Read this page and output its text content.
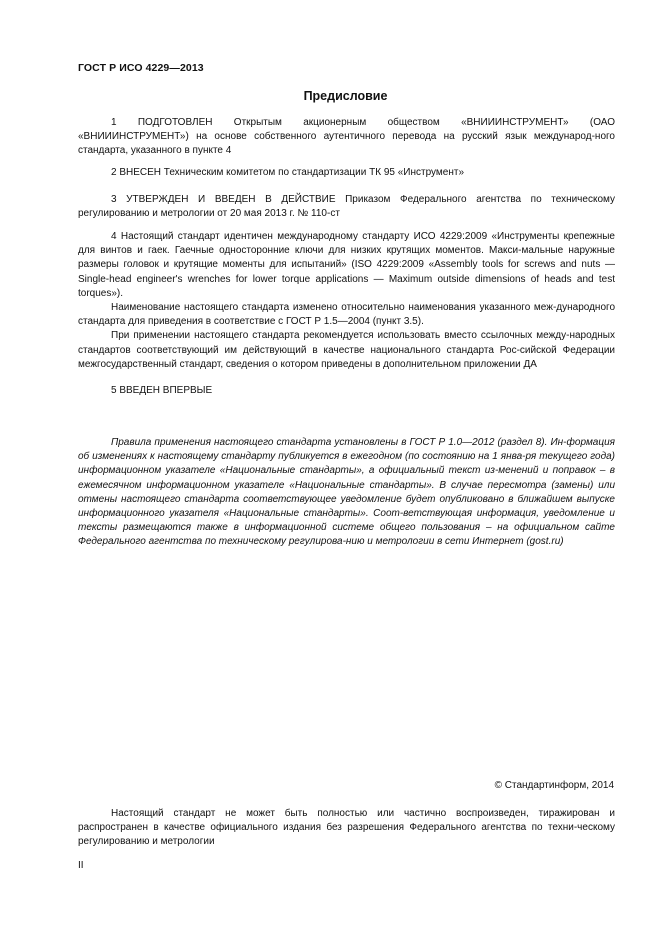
ГОСТ Р ИСО 4229—2013
Предисловие

1 ПОДГОТОВЛЕН Открытым акционерным обществом «ВНИИИНСТРУМЕНТ» (ОАО «ВНИИИНСТРУМЕНТ») на основе собственного аутентичного перевода на русский язык международ-ного стандарта, указанного в пункте 4

2 ВНЕСЕН Техническим комитетом по стандартизации ТК 95 «Инструмент»

3 УТВЕРЖДЕН И ВВЕДЕН В ДЕЙСТВИЕ Приказом Федерального агентства по техническому регулированию и метрологии от 20 мая 2013 г. № 110-ст

4 Настоящий стандарт идентичен международному стандарту ИСО 4229:2009 «Инструменты крепежные для винтов и гаек. Гаечные односторонние ключи для низких крутящих моментов. Макси-мальные наружные размеры головок и крутящие моменты для испытаний» (ISO 4229:2009 «Assembly tools for screws and nuts — Single-head engineer's wrenches for lower torque applications — Maximum outside dimensions of heads and test torques»).

Наименование настоящего стандарта изменено относительно наименования указанного меж-дународного стандарта для приведения в соответствие с ГОСТ Р 1.5—2004 (пункт 3.5).

При применении настоящего стандарта рекомендуется использовать вместо ссылочных между-народных стандартов соответствующий им действующий в качестве национального стандарта Рос-сийской Федерации межгосударственный стандарт, сведения о котором приведены в дополнительном приложении ДА

5 ВВЕДЕН ВПЕРВЫЕ

Правила применения настоящего стандарта установлены в ГОСТ Р 1.0—2012 (раздел 8). Ин-формация об изменениях к настоящему стандарту публикуется в ежегодном (по состоянию на 1 янва-ря текущего года) информационном указателе «Национальные стандарты», а официальный текст из-менений и поправок – в ежемесячном информационном указателе «Национальные стандарты». В случае пересмотра (замены) или отмены настоящего стандарта соответствующее уведомление будет опубликовано в ближайшем выпуске информационного указателя «Национальные стандарты». Соот-ветствующая информация, уведомление и тексты размещаются также в информационной системе общего пользования – на официальном сайте Федерального агентства по техническому регулирова-нию и метрологии в сети Интернет (gost.ru)

© Стандартинформ, 2014

Настоящий стандарт не может быть полностью или частично воспроизведен, тиражирован и распространен в качестве официального издания без разрешения Федерального агентства по техни-ческому регулированию и метрологии

II
